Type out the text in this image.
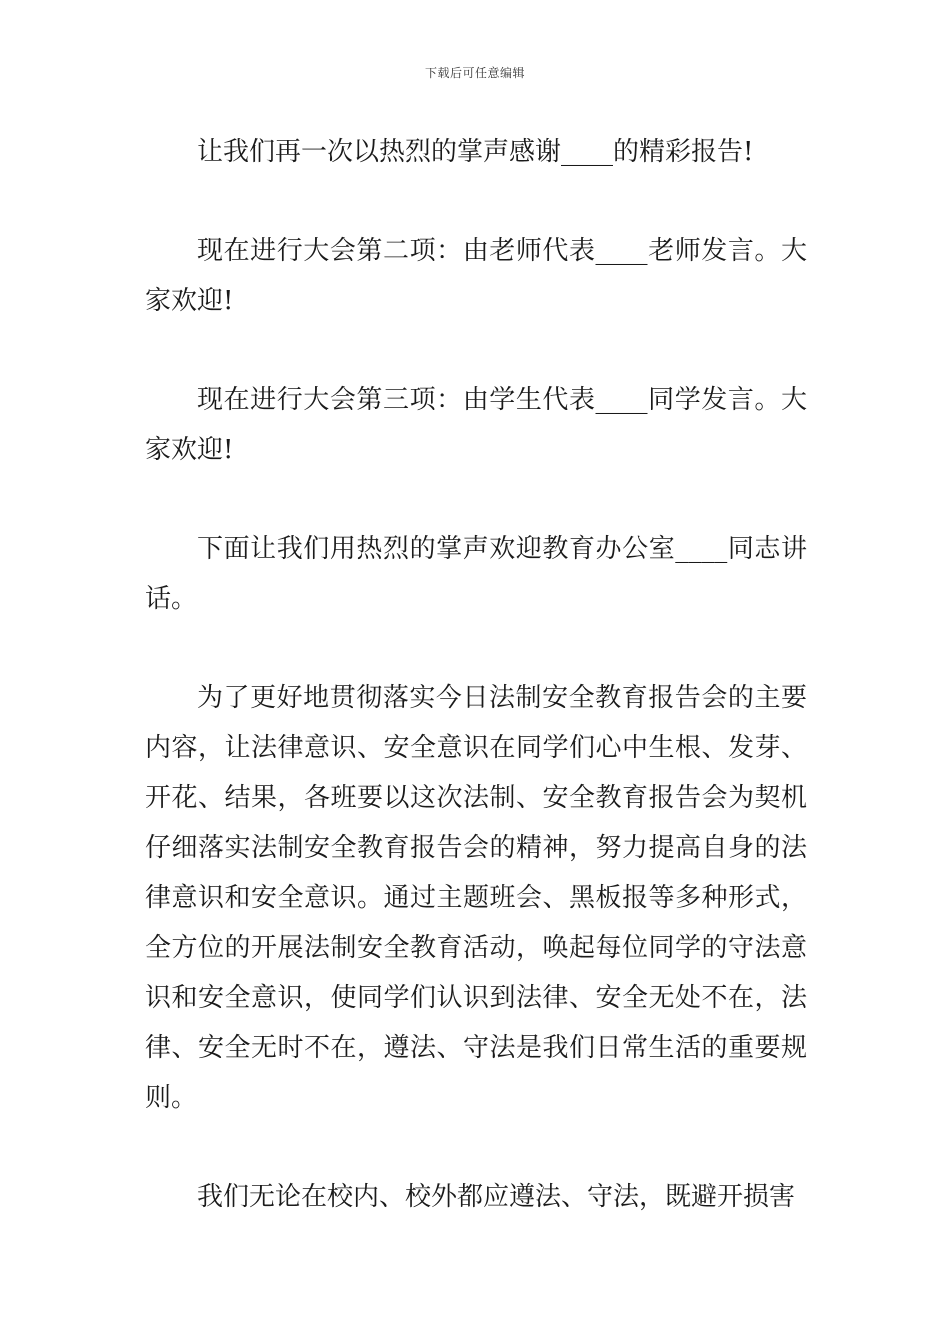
下载后可任意编辑

让我们再一次以热烈的掌声感谢____的精彩报告!

现在进行大会第二项：由老师代表____老师发言。大家欢迎!

现在进行大会第三项：由学生代表____同学发言。大家欢迎!

下面让我们用热烈的掌声欢迎教育办公室____同志讲话。

为了更好地贯彻落实今日法制安全教育报告会的主要内容，让法律意识、安全意识在同学们心中生根、发芽、开花、结果，各班要以这次法制、安全教育报告会为契机仔细落实法制安全教育报告会的精神，努力提高自身的法律意识和安全意识。通过主题班会、黑板报等多种形式，全方位的开展法制安全教育活动，唤起每位同学的守法意识和安全意识，使同学们认识到法律、安全无处不在，法律、安全无时不在，遵法、守法是我们日常生活的重要规则。

我们无论在校内、校外都应遵法、守法，既避开损害
